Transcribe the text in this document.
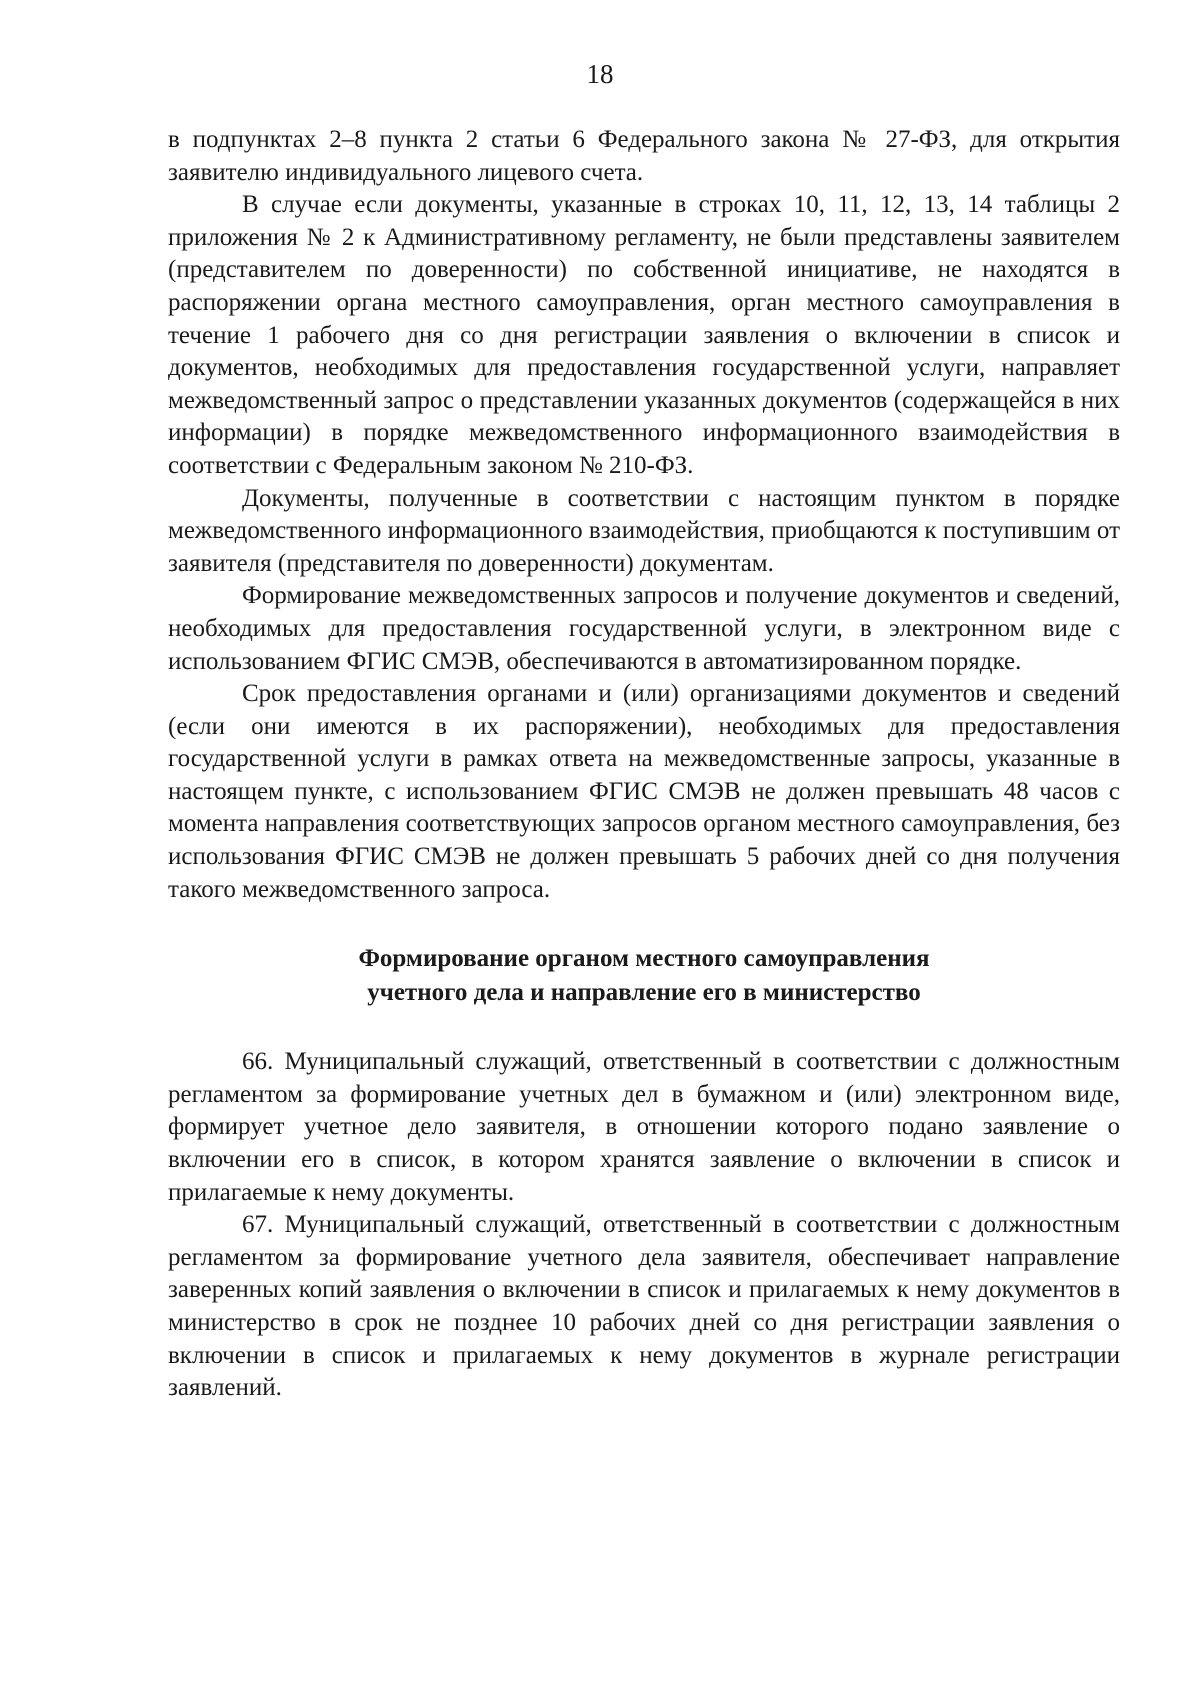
18

в подпунктах 2–8 пункта 2 статьи 6 Федерального закона № 27-ФЗ, для открытия заявителю индивидуального лицевого счета.

В случае если документы, указанные в строках 10, 11, 12, 13, 14 таблицы 2 приложения № 2 к Административному регламенту, не были представлены заявителем (представителем по доверенности) по собственной инициативе, не находятся в распоряжении органа местного самоуправления, орган местного самоуправления в течение 1 рабочего дня со дня регистрации заявления о включении в список и документов, необходимых для предоставления государственной услуги, направляет межведомственный запрос о представлении указанных документов (содержащейся в них информации) в порядке межведомственного информационного взаимодействия в соответствии с Федеральным законом № 210-ФЗ.

Документы, полученные в соответствии с настоящим пунктом в порядке межведомственного информационного взаимодействия, приобщаются к поступившим от заявителя (представителя по доверенности) документам.

Формирование межведомственных запросов и получение документов и сведений, необходимых для предоставления государственной услуги, в электронном виде с использованием ФГИС СМЭВ, обеспечиваются в автоматизированном порядке.

Срок предоставления органами и (или) организациями документов и сведений (если они имеются в их распоряжении), необходимых для предоставления государственной услуги в рамках ответа на межведомственные запросы, указанные в настоящем пункте, с использованием ФГИС СМЭВ не должен превышать 48 часов с момента направления соответствующих запросов органом местного самоуправления, без использования ФГИС СМЭВ не должен превышать 5 рабочих дней со дня получения такого межведомственного запроса.

Формирование органом местного самоуправления
учетного дела и направление его в министерство

66. Муниципальный служащий, ответственный в соответствии с должностным регламентом за формирование учетных дел в бумажном и (или) электронном виде, формирует учетное дело заявителя, в отношении которого подано заявление о включении его в список, в котором хранятся заявление о включении в список и прилагаемые к нему документы.

67. Муниципальный служащий, ответственный в соответствии с должностным регламентом за формирование учетного дела заявителя, обеспечивает направление заверенных копий заявления о включении в список и прилагаемых к нему документов в министерство в срок не позднее 10 рабочих дней со дня регистрации заявления о включении в список и прилагаемых к нему документов в журнале регистрации заявлений.
